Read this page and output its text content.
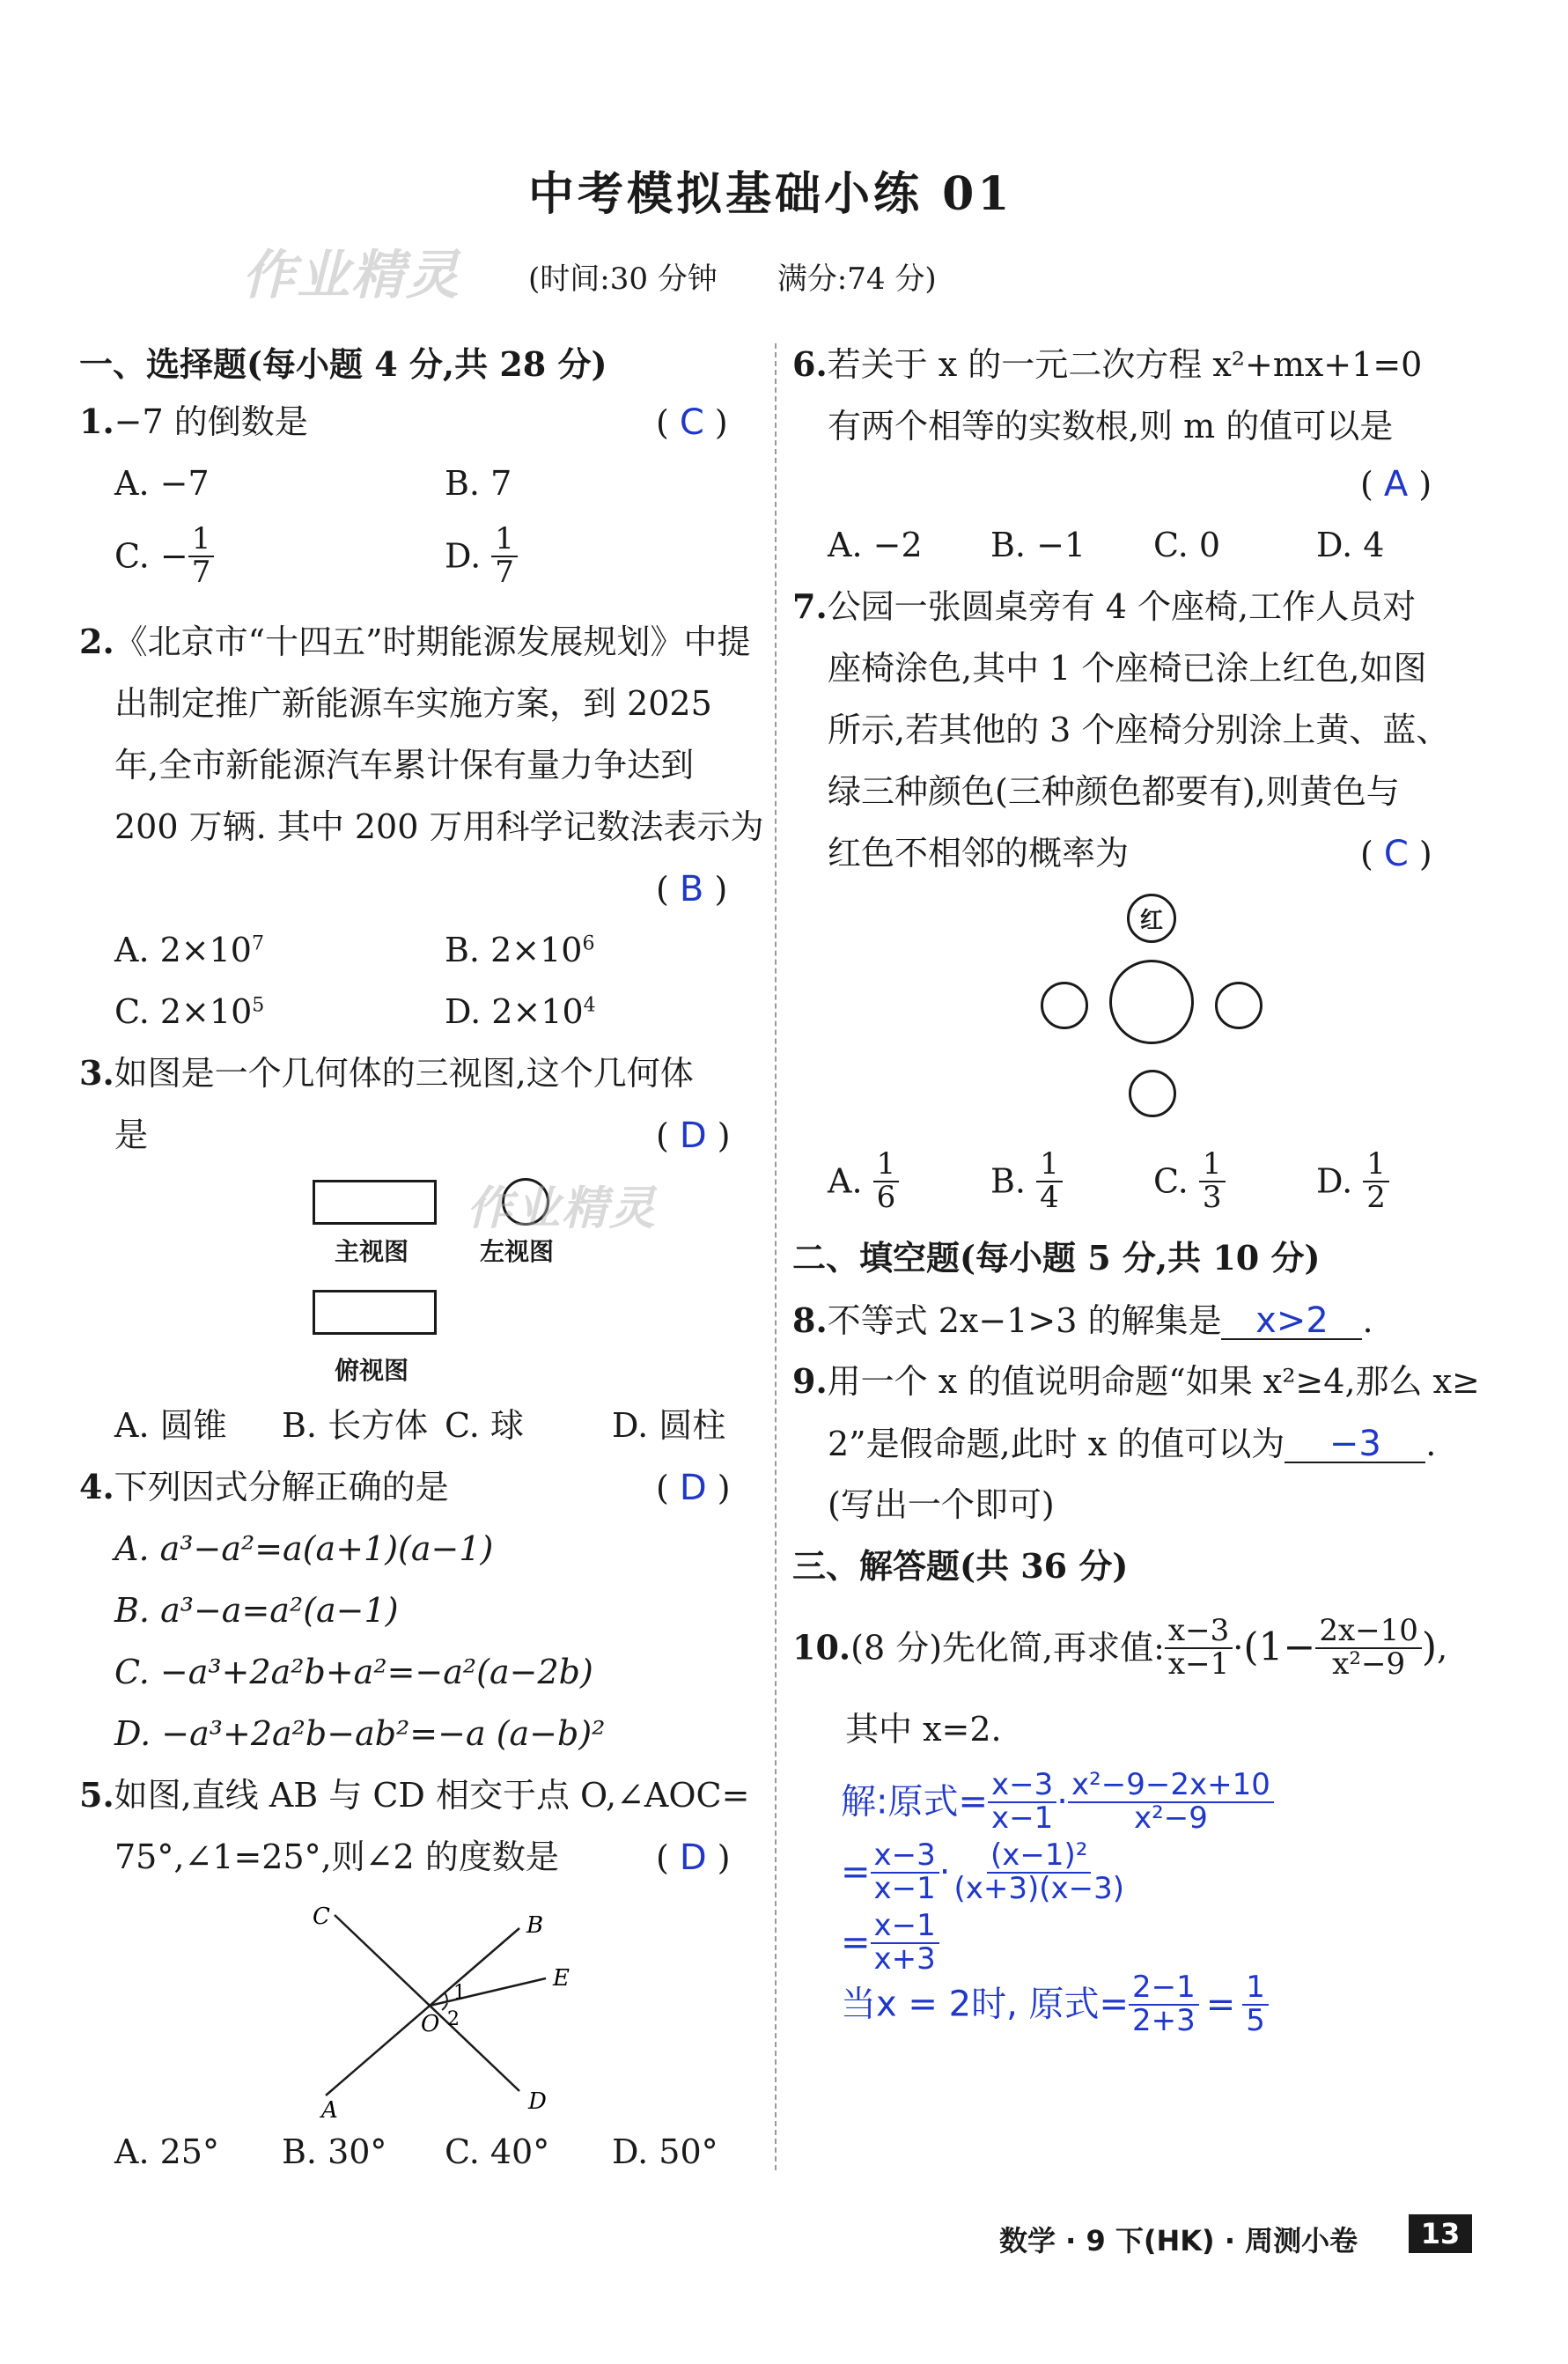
中考模拟基础小练 01
(时间:30 分钟　　满分:74 分)
作业精灵
一、选择题(每小题 4 分,共 28 分)
1.−7 的倒数是	( C )
A. −7	B. 7
C. − $\frac{1}{7}$	D. $\frac{1}{7}$
2.《北京市“十四五”时期能源发展规划》中提
出制定推广新能源车实施方案，到 2025
年,全市新能源汽车累计保有量力争达到
200 万辆. 其中 200 万用科学记数法表示为
( B )
A. $2\times 10^7$	B. $2\times 10^6$
C. $2\times 10^5$	D. $2\times 10^4$
3.如图是一个几何体的三视图,这个几何体
是	( D )
主视图	左视图
作业精灵
俯视图
A. 圆锥 B. 长方体 C. 球	D. 圆柱
4.下列因式分解正确的是	( D )
A. a³−a²=a(a+1)(a−1)
B. a³−a=a²(a−1)
C. −a³+2a²b+a²=−a²(a−2b)
D. −a³+2a²b−ab²=−a (a−b)²
5.如图,直线 AB 与 CD 相交于点 O,∠AOC=
75°,∠1=25°,则∠2 的度数是	( D )
C	B
E
O
1
2
A	D
A. 25° B. 30° C. 40° D. 50°
6.若关于 x 的一元二次方程 x²+mx+1=0
有两个相等的实数根,则 m 的值可以是
( A )
A. −2 B. −1 C. 0	D. 4
7.公园一张圆桌旁有 4 个座椅,工作人员对
座椅涂色,其中 1 个座椅已涂上红色,如图
所示,若其他的 3 个座椅分别涂上黄、蓝、
绿三种颜色(三种颜色都要有),则黄色与
红色不相邻的概率为	( C )
红
A. $\frac{1}{6}$	B. $\frac{1}{4}$	C. $\frac{1}{3}$	D. $\frac{1}{2}$
二、填空题(每小题 5 分,共 10 分)
8.不等式 2x−1>3 的解集是 x>2 .
9.用一个 x 的值说明命题“如果 x²≥4,那么 x≥
2”是假命题,此时 x 的值可以为 −3 .
(写出一个即可)
三、解答题(共 36 分)
10.(8 分)先化简,再求值: $\frac{x-3}{x-1} \cdot(1- \frac{2x-10}{\text{x²−9}}$ ),
其中 x=2.
解:原式= $\frac{x-3}{x-1} \cdot \frac{\text{x²−9−2x+10}}{\text{x²−9}}$
= $\frac{x-3}{x-1} \cdot \frac{\text{(x−1)²}}{(x+3)(x-3)}$
= $\frac{x-1}{x+3}$
当x = 2时, 原式= $\frac{2-1}{2+3} = \frac{1}{5}$
数学 · 9 下(HK) · 周测小卷	13
